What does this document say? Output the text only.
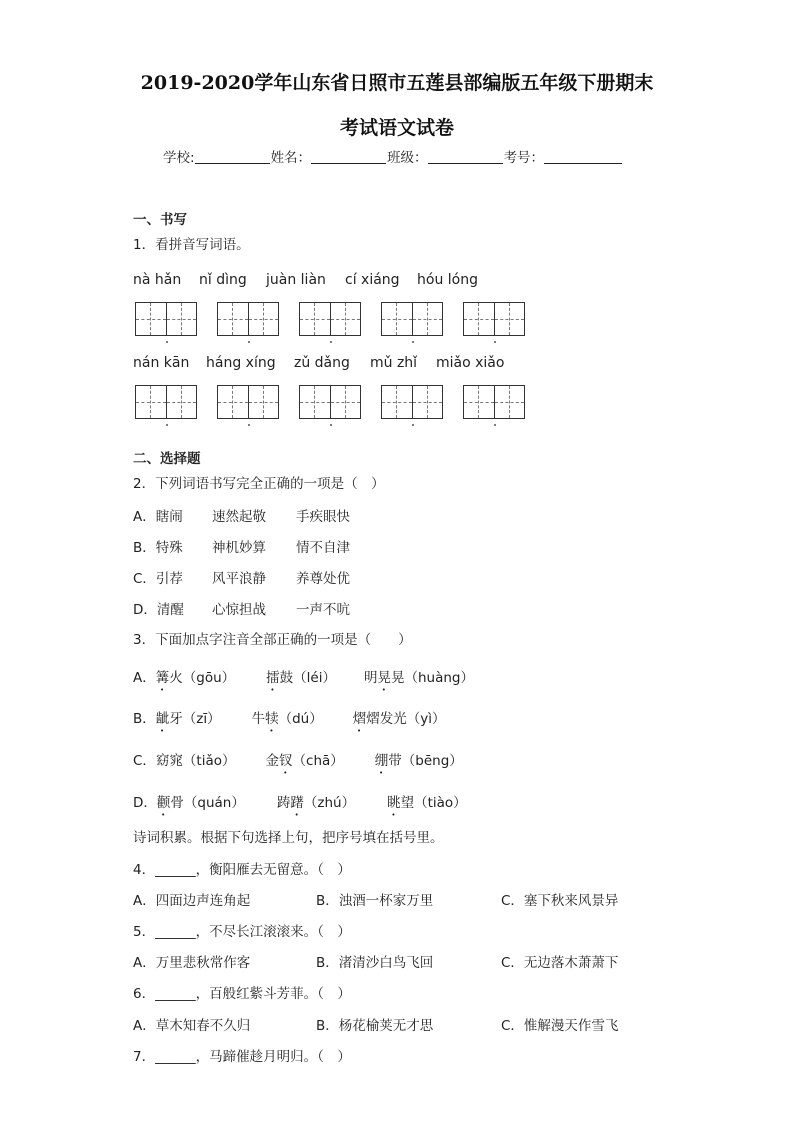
2019-2020学年山东省日照市五莲县部编版五年级下册期末
考试语文试卷
学校:	姓名：	班级：	考号：
一、书写
1．看拼音写词语。
nà hǎn nǐ dìng juàn liàn cí xiáng hóu lóng
nán kān háng xíng zǔ dǎng mǔ zhǐ miǎo xiǎo
二、选择题
2．下列词语书写完全正确的一项是（　）
A．瞎闹 速然起敬 手疾眼快
B．特殊 神机妙算 情不自津
C．引荐 风平浪静 养尊处优
D．清醒 心惊担战 一声不吭
3．下面加点字注音全部正确的一项是（　　）
A．篝火（gōu） 擂鼓（léi） 明晃晃（huàng）
B．龇牙（zī） 牛犊（dú） 熠熠发光（yì）
C．窈窕（tiǎo） 金钗（chā） 绷带（bēng）
D．颧骨（quán） 踌躇（zhú） 眺望（tiào）
诗词积累。根据下句选择上句，把序号填在括号里。
4．______，衡阳雁去无留意。（　）
A．四面边声连角起	B．浊酒一杯家万里	C．塞下秋来风景异
5．______，不尽长江滚滚来。（　）
A．万里悲秋常作客	B．渚清沙白鸟飞回	C．无边落木萧萧下
6．______，百般红紫斗芳菲。（　）
A．草木知春不久归	B．杨花榆荚无才思	C．惟解漫天作雪飞
7．______，马蹄催趁月明归。（　）
